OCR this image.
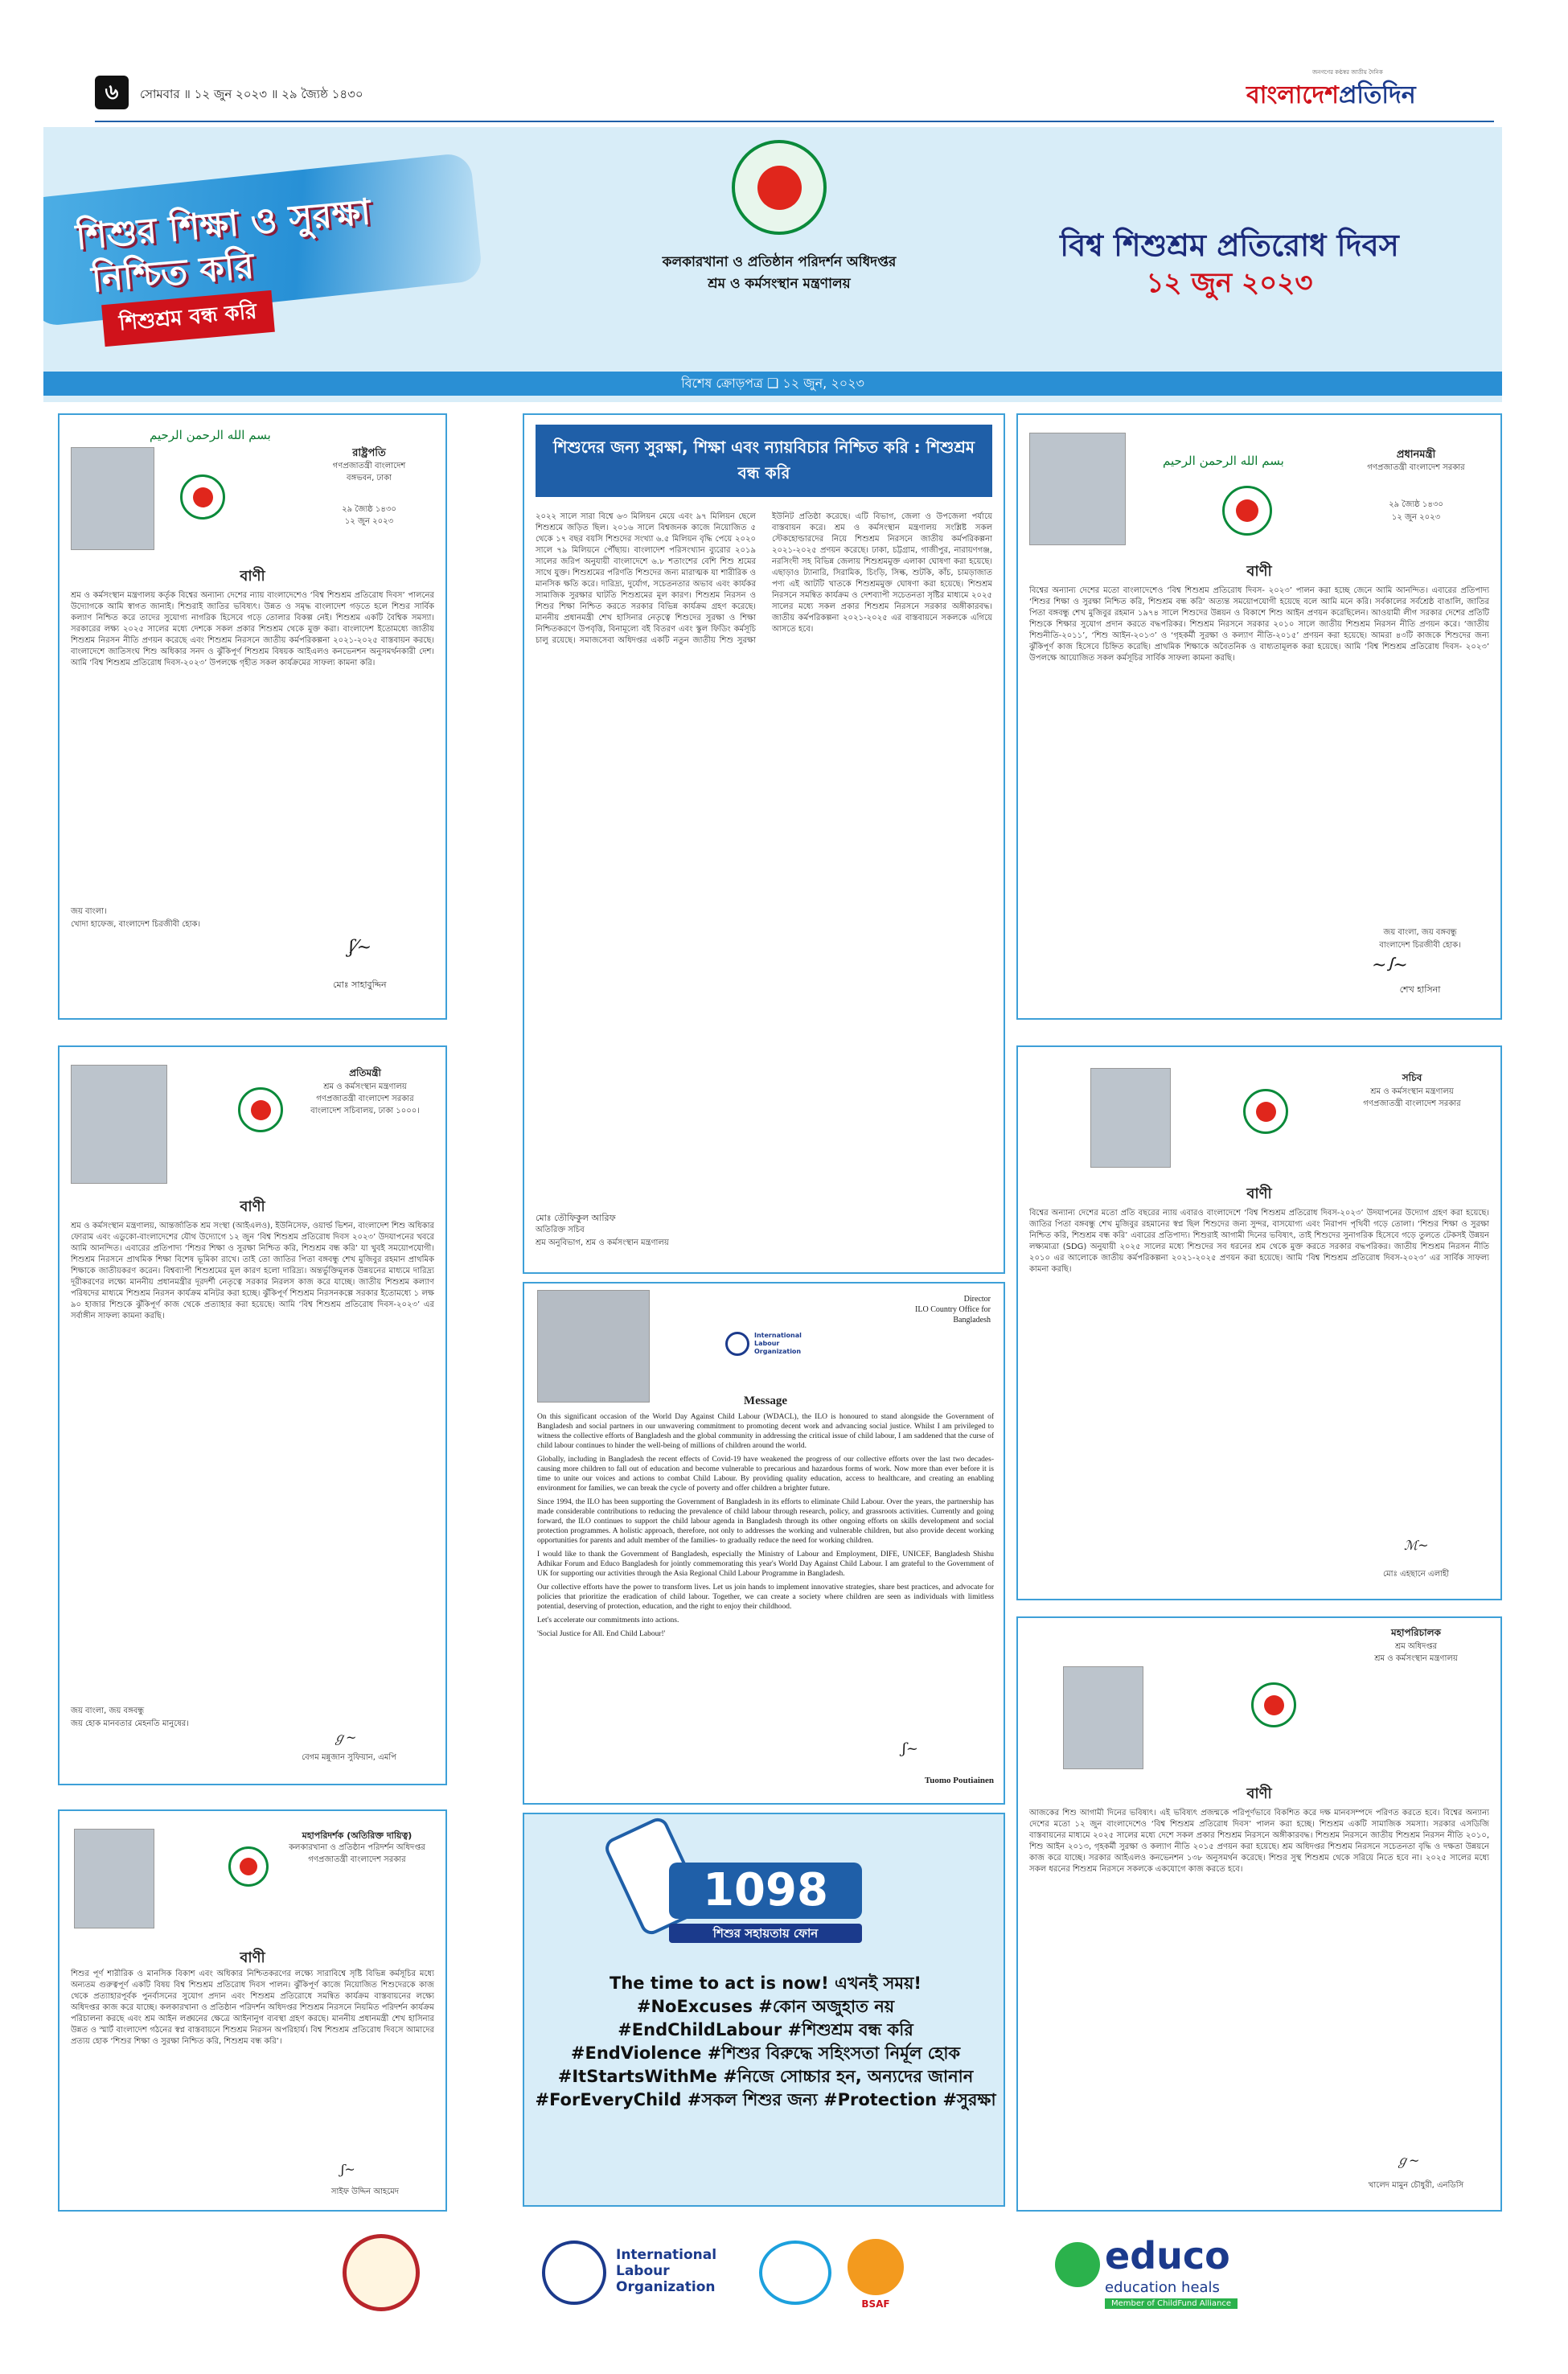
৬	সোমবার ॥ ১২ জুন ২০২৩ ॥ ২৯ জ্যৈষ্ঠ ১৪৩০
জনগণের কণ্ঠস্বর জাতীয় দৈনিক
বাংলাদেশপ্রতিদিন
শিশুর শিক্ষা ও সুরক্ষা
নিশ্চিত করি
শিশুশ্রম বন্ধ করি
কলকারখানা ও প্রতিষ্ঠান পরিদর্শন অধিদপ্তর
শ্রম ও কর্মসংস্থান মন্ত্রণালয়
বিশ্ব শিশুশ্রম প্রতিরোধ দিবস
১২ জুন ২০২৩
বিশেষ ক্রোড়পত্র ❏ ১২ জুন, ২০২৩
بسم الله الرحمن الرحيم
রাষ্ট্রপতি
গণপ্রজাতন্ত্রী বাংলাদেশ
বঙ্গভবন, ঢাকা
২৯ জ্যৈষ্ঠ ১৪৩০
১২ জুন ২০২৩
বাণী
শ্রম ও কর্মসংস্থান মন্ত্রণালয় কর্তৃক বিশ্বের অন্যান্য দেশের ন্যায় বাংলাদেশেও ‘বিশ্ব শিশুশ্রম প্রতিরোধ দিবস’ পালনের উদ্যোগকে আমি স্বাগত জানাই। শিশুরাই জাতির ভবিষ্যৎ। উন্নত ও সমৃদ্ধ বাংলাদেশ গড়তে হলে শিশুর সার্বিক কল্যাণ নিশ্চিত করে তাদের সুযোগ্য নাগরিক হিসেবে গড়ে তোলার বিকল্প নেই। শিশুশ্রম একটি বৈশ্বিক সমস্যা। সরকারের লক্ষ্য ২০২৫ সালের মধ্যে দেশকে সকল প্রকার শিশুশ্রম থেকে মুক্ত করা। বাংলাদেশ ইতোমধ্যে জাতীয় শিশুশ্রম নিরসন নীতি প্রণয়ন করেছে এবং শিশুশ্রম নিরসনে জাতীয় কর্মপরিকল্পনা ২০২১-২০২৫ বাস্তবায়ন করছে। বাংলাদেশে জাতিসংঘ শিশু অধিকার সনদ ও ঝুঁকিপূর্ণ শিশুশ্রম বিষয়ক আইএলও কনভেনশন অনুসমর্থনকারী দেশ। আমি ‘বিশ্ব শিশুশ্রম প্রতিরোধ দিবস-২০২৩’ উপলক্ষে গৃহীত সকল কার্যক্রমের সাফল্য কামনা করি।
জয় বাংলা।
খোদা হাফেজ, বাংলাদেশ চিরজীবী হোক।
ʃ⁄~
মোঃ সাহাবুদ্দিন
শিশুদের জন্য সুরক্ষা, শিক্ষা এবং ন্যায়বিচার নিশ্চিত করি : শিশুশ্রম বন্ধ করি
২০২২ সালে সারা বিশ্বে ৬৩ মিলিয়ন মেয়ে এবং ৯৭ মিলিয়ন ছেলে শিশুশ্রমে জড়িত ছিল। ২০১৬ সালে বিশ্বজনক কাজে নিয়োজিত ৫ থেকে ১৭ বছর বয়সি শিশুদের সংখ্যা ৬.৫ মিলিয়ন বৃদ্ধি পেয়ে ২০২০ সালে ৭৯ মিলিয়নে পৌঁছায়। বাংলাদেশ পরিসংখ্যান ব্যুরোর ২০১৯ সালের জরিপ অনুযায়ী বাংলাদেশে ৬.৮ শতাংশের বেশি শিশু শ্রমের সাথে যুক্ত। শিশুশ্রমের পরিণতি শিশুদের জন্য মারাত্মক যা শারীরিক ও মানসিক ক্ষতি করে। দারিদ্র্য, দুর্যোগ, সচেতনতার অভাব এবং কার্যকর সামাজিক সুরক্ষার ঘাটতি শিশুশ্রমের মূল কারণ। শিশুশ্রম নিরসন ও শিশুর শিক্ষা নিশ্চিত করতে সরকার বিভিন্ন কার্যক্রম গ্রহণ করেছে। মাননীয় প্রধানমন্ত্রী শেখ হাসিনার নেতৃত্বে শিশুদের সুরক্ষা ও শিক্ষা নিশ্চিতকরণে উপবৃত্তি, বিনামূল্যে বই বিতরণ এবং স্কুল ফিডিং কর্মসূচি চালু রয়েছে। সমাজসেবা অধিদপ্তর একটি নতুন জাতীয় শিশু সুরক্ষা ইউনিট প্রতিষ্ঠা করেছে। এটি বিভাগ, জেলা ও উপজেলা পর্যায়ে বাস্তবায়ন করে। শ্রম ও কর্মসংস্থান মন্ত্রণালয় সংশ্লিষ্ট সকল স্টেকহোল্ডারদের নিয়ে শিশুশ্রম নিরসনে জাতীয় কর্মপরিকল্পনা ২০২১-২০২৫ প্রণয়ন করেছে। ঢাকা, চট্টগ্রাম, গাজীপুর, নারায়ণগঞ্জ, নরসিংদী সহ বিভিন্ন জেলায় শিশুশ্রমমুক্ত এলাকা ঘোষণা করা হয়েছে। এছাড়াও ট্যানারি, সিরামিক, চিংড়ি, সিল্ক, শুটকি, কাঁচ, চামড়াজাত পণ্য এই আটটি খাতকে শিশুশ্রমমুক্ত ঘোষণা করা হয়েছে। শিশুশ্রম নিরসনে সমন্বিত কার্যক্রম ও দেশব্যাপী সচেতনতা সৃষ্টির মাধ্যমে ২০২৫ সালের মধ্যে সকল প্রকার শিশুশ্রম নিরসনে সরকার অঙ্গীকারবদ্ধ। জাতীয় কর্মপরিকল্পনা ২০২১-২০২৫ এর বাস্তবায়নে সকলকে এগিয়ে আসতে হবে।
মোঃ তৌফিকুল আরিফ
অতিরিক্ত সচিব
শ্রম অনুবিভাগ, শ্রম ও কর্মসংস্থান মন্ত্রণালয়
بسم الله الرحمن الرحيم	প্রধানমন্ত্রী
গণপ্রজাতন্ত্রী বাংলাদেশ সরকার
২৯ জ্যৈষ্ঠ ১৪৩০
১২ জুন ২০২৩
বাণী
বিশ্বের অন্যান্য দেশের মতো বাংলাদেশেও ‘বিশ্ব শিশুশ্রম প্রতিরোধ দিবস- ২০২৩’ পালন করা হচ্ছে জেনে আমি আনন্দিত। এবারের প্রতিপাদ্য ‘শিশুর শিক্ষা ও সুরক্ষা নিশ্চিত করি, শিশুশ্রম বন্ধ করি’ অত্যন্ত সময়োপযোগী হয়েছে বলে আমি মনে করি। সর্বকালের সর্বশ্রেষ্ঠ বাঙালি, জাতির পিতা বঙ্গবন্ধু শেখ মুজিবুর রহমান ১৯৭৪ সালে শিশুদের উন্নয়ন ও বিকাশে শিশু আইন প্রণয়ন করেছিলেন। আওয়ামী লীগ সরকার দেশের প্রতিটি শিশুকে শিক্ষার সুযোগ প্রদান করতে বদ্ধপরিকর। শিশুশ্রম নিরসনে সরকার ২০১০ সালে জাতীয় শিশুশ্রম নিরসন নীতি প্রণয়ন করে। ‘জাতীয় শিশুনীতি-২০১১’, ‘শিশু আইন-২০১৩’ ও ‘গৃহকর্মী সুরক্ষা ও কল্যাণ নীতি-২০১৫’ প্রণয়ন করা হয়েছে। আমরা ৪৩টি কাজকে শিশুদের জন্য ঝুঁকিপূর্ণ কাজ হিসেবে চিহ্নিত করেছি। প্রাথমিক শিক্ষাকে অবৈতনিক ও বাধ্যতামূলক করা হয়েছে। আমি ‘বিশ্ব শিশুশ্রম প্রতিরোধ দিবস- ২০২৩’ উপলক্ষে আয়োজিত সকল কর্মসূচির সার্বিক সাফল্য কামনা করছি।
জয় বাংলা, জয় বঙ্গবন্ধু
বাংলাদেশ চিরজীবী হোক।
~ꭍ~
শেখ হাসিনা
প্রতিমন্ত্রী
শ্রম ও কর্মসংস্থান মন্ত্রণালয়
গণপ্রজাতন্ত্রী বাংলাদেশ সরকার
বাংলাদেশ সচিবালয়, ঢাকা ১০০০।
বাণী
শ্রম ও কর্মসংস্থান মন্ত্রণালয়, আন্তর্জাতিক শ্রম সংস্থা (আইএলও), ইউনিসেফ, ওয়ার্ল্ড ভিশন, বাংলাদেশ শিশু অধিকার ফোরাম এবং এডুকো-বাংলাদেশের যৌথ উদ্যোগে ১২ জুন ‘বিশ্ব শিশুশ্রম প্রতিরোধ দিবস ২০২৩’ উদযাপনের খবরে আমি আনন্দিত। এবারের প্রতিপাদ্য ‘শিশুর শিক্ষা ও সুরক্ষা নিশ্চিত করি, শিশুশ্রম বন্ধ করি’ যা খুবই সময়োপযোগী। শিশুশ্রম নিরসনে প্রাথমিক শিক্ষা বিশেষ ভূমিকা রাখে। তাই তো জাতির পিতা বঙ্গবন্ধু শেখ মুজিবুর রহমান প্রাথমিক শিক্ষাকে জাতীয়করণ করেন। বিশ্বব্যাপী শিশুশ্রমের মূল কারণ হলো দারিদ্র্য। অন্তর্ভুক্তিমূলক উন্নয়নের মাধ্যমে দারিদ্র্য দূরীকরণের লক্ষ্যে মাননীয় প্রধানমন্ত্রীর দূরদর্শী নেতৃত্বে সরকার নিরলস কাজ করে যাচ্ছে। জাতীয় শিশুশ্রম কল্যাণ পরিষদের মাধ্যমে শিশুশ্রম নিরসন কার্যক্রম মনিটর করা হচ্ছে। ঝুঁকিপূর্ণ শিশুশ্রম নিরসনকল্পে সরকার ইতোমধ্যে ১ লক্ষ ৯০ হাজার শিশুকে ঝুঁকিপূর্ণ কাজ থেকে প্রত্যাহার করা হয়েছে। আমি ‘বিশ্ব শিশুশ্রম প্রতিরোধ দিবস-২০২৩’ এর সর্বাঙ্গীন সাফল্য কামনা করছি।
জয় বাংলা, জয় বঙ্গবন্ধু
জয় হোক মানবতার মেহনতি মানুষের।
ℊ~
বেগম মন্নুজান সুফিয়ান, এমপি
সচিব
শ্রম ও কর্মসংস্থান মন্ত্রণালয়
গণপ্রজাতন্ত্রী বাংলাদেশ সরকার
বাণী
বিশ্বের অন্যান্য দেশের মতো প্রতি বছরের ন্যায় এবারও বাংলাদেশে ‘বিশ্ব শিশুশ্রম প্রতিরোধ দিবস-২০২৩’ উদযাপনের উদ্যোগ গ্রহণ করা হয়েছে। জাতির পিতা বঙ্গবন্ধু শেখ মুজিবুর রহমানের স্বপ্ন ছিল শিশুদের জন্য সুন্দর, বাসযোগ্য এবং নিরাপদ পৃথিবী গড়ে তোলা। ‘শিশুর শিক্ষা ও সুরক্ষা নিশ্চিত করি, শিশুশ্রম বন্ধ করি’ এবারের প্রতিপাদ্য। শিশুরাই আগামী দিনের ভবিষ্যৎ, তাই শিশুদের সুনাগরিক হিসেবে গড়ে তুলতে টেকসই উন্নয়ন লক্ষ্যমাত্রা (SDG) অনুযায়ী ২০২৫ সালের মধ্যে শিশুদের সব ধরনের শ্রম থেকে মুক্ত করতে সরকার বদ্ধপরিকর। জাতীয় শিশুশ্রম নিরসন নীতি ২০১০ এর আলোকে জাতীয় কর্মপরিকল্পনা ২০২১-২০২৫ প্রণয়ন করা হয়েছে। আমি ‘বিশ্ব শিশুশ্রম প্রতিরোধ দিবস-২০২৩’ এর সার্বিক সাফল্য কামনা করছি।
ℳ~
মোঃ এহছানে এলাহী
International
Labour
Organization
Director
ILO Country Office for
Bangladesh
Message

On this significant occasion of the World Day Against Child Labour (WDACL), the ILO is honoured to stand alongside the Government of Bangladesh and social partners in our unwavering commitment to promoting decent work and advancing social justice. Whilst I am privileged to witness the collective efforts of Bangladesh and the global community in addressing the critical issue of child labour, I am saddened that the curse of child labour continues to hinder the well-being of millions of children around the world.

Globally, including in Bangladesh the recent effects of Covid-19 have weakened the progress of our collective efforts over the last two decades- causing more children to fall out of education and become vulnerable to precarious and hazardous forms of work. Now more than ever before it is time to unite our voices and actions to combat Child Labour. By providing quality education, access to healthcare, and creating an enabling environment for families, we can break the cycle of poverty and offer children a brighter future.

Since 1994, the ILO has been supporting the Government of Bangladesh in its efforts to eliminate Child Labour. Over the years, the partnership has made considerable contributions to reducing the prevalence of child labour through research, policy, and grassroots activities. Currently and going forward, the ILO continues to support the child labour agenda in Bangladesh through its other ongoing efforts on skills development and social protection programmes. A holistic approach, therefore, not only to addresses the working and vulnerable children, but also provide decent working opportunities for parents and adult member of the families- to gradually reduce the need for working children.

I would like to thank the Government of Bangladesh, especially the Ministry of Labour and Employment, DIFE, UNICEF, Bangladesh Shishu Adhikar Forum and Educo Bangladesh for jointly commemorating this year's World Day Against Child Labour. I am grateful to the Government of UK for supporting our activities through the Asia Regional Child Labour Programme in Bangladesh.

Our collective efforts have the power to transform lives. Let us join hands to implement innovative strategies, share best practices, and advocate for policies that prioritize the eradication of child labour. Together, we can create a society where children are seen as individuals with limitless potential, deserving of protection, education, and the right to enjoy their childhood.

Let's accelerate our commitments into actions.

'Social Justice for All. End Child Labour!'

ʃ~
Tuomo Poutiainen
1098
শিশুর সহায়তায় ফোন
The time to act is now! এখনই সময়!
#NoExcuses #কোন অজুহাত নয়
#EndChildLabour #শিশুশ্রম বন্ধ করি
#EndViolence #শিশুর বিরুদ্ধে সহিংসতা নির্মূল হোক
#ItStartsWithMe #নিজে সোচ্চার হন, অন্যদের জানান
#ForEveryChild #সকল শিশুর জন্য #Protection #সুরক্ষা
মহাপরিদর্শক (অতিরিক্ত দায়িত্ব)
কলকারখানা ও প্রতিষ্ঠান পরিদর্শন অধিদপ্তর
গণপ্রজাতন্ত্রী বাংলাদেশ সরকার
বাণী
শিশুর পূর্ণ শারীরিক ও মানসিক বিকাশ এবং অধিকার নিশ্চিতকরণের লক্ষ্যে সারাবিশ্বে সৃষ্টি বিভিন্ন কর্মসূচির মধ্যে অন্যতম গুরুত্বপূর্ণ একটি বিষয় বিশ্ব শিশুশ্রম প্রতিরোধ দিবস পালন। ঝুঁকিপূর্ণ কাজে নিয়োজিত শিশুদেরকে কাজ থেকে প্রত্যাহারপূর্বক পুনর্বাসনের সুযোগ প্রদান এবং শিশুশ্রম প্রতিরোধে সমন্বিত কার্যক্রম বাস্তবায়নের লক্ষ্যে অধিদপ্তর কাজ করে যাচ্ছে। কলকারখানা ও প্রতিষ্ঠান পরিদর্শন অধিদপ্তর শিশুশ্রম নিরসনে নিয়মিত পরিদর্শন কার্যক্রম পরিচালনা করছে এবং শ্রম আইন লঙ্ঘনের ক্ষেত্রে আইনানুগ ব্যবস্থা গ্রহণ করছে। মাননীয় প্রধানমন্ত্রী শেখ হাসিনার উন্নত ও স্মার্ট বাংলাদেশ গঠনের স্বপ্ন বাস্তবায়নে শিশুশ্রম নিরসন অপরিহার্য। বিশ্ব শিশুশ্রম প্রতিরোধ দিবসে আমাদের প্রত্যয় হোক ‘শিশুর শিক্ষা ও সুরক্ষা নিশ্চিত করি, শিশুশ্রম বন্ধ করি’।
ʃ~
সাইফ উদ্দিন আহমেদ
মহাপরিচালক
শ্রম অধিদপ্তর
শ্রম ও কর্মসংস্থান মন্ত্রণালয়
বাণী
আজকের শিশু আগামী দিনের ভবিষ্যৎ। এই ভবিষ্যৎ প্রজন্মকে পরিপূর্ণভাবে বিকশিত করে দক্ষ মানবসম্পদে পরিণত করতে হবে। বিশ্বের অন্যান্য দেশের মতো ১২ জুন বাংলাদেশেও ‘বিশ্ব শিশুশ্রম প্রতিরোধ দিবস’ পালন করা হচ্ছে। শিশুশ্রম একটি সামাজিক সমস্যা। সরকার এসডিজি বাস্তবায়নের মাধ্যমে ২০২৫ সালের মধ্যে দেশে সকল প্রকার শিশুশ্রম নিরসনে অঙ্গীকারবদ্ধ। শিশুশ্রম নিরসনে জাতীয় শিশুশ্রম নিরসন নীতি ২০১০, শিশু আইন ২০১৩, গৃহকর্মী সুরক্ষা ও কল্যাণ নীতি ২০১৫ প্রণয়ন করা হয়েছে। শ্রম অধিদপ্তর শিশুশ্রম নিরসনে সচেতনতা বৃদ্ধি ও দক্ষতা উন্নয়নে কাজ করে যাচ্ছে। সরকার আইএলও কনভেনশন ১৩৮ অনুসমর্থন করেছে। শিশুর সুস্থ শিশুশ্রম থেকে সরিয়ে নিতে হবে না। ২০২৫ সালের মধ্যে সকল ধরনের শিশুশ্রম নিরসনে সকলকে একযোগে কাজ করতে হবে।
ℊ~
খালেদ মামুন চৌধুরী, এনডিসি
International
Labour
Organization
BSAF
educo
education heals
Member of ChildFund Alliance
